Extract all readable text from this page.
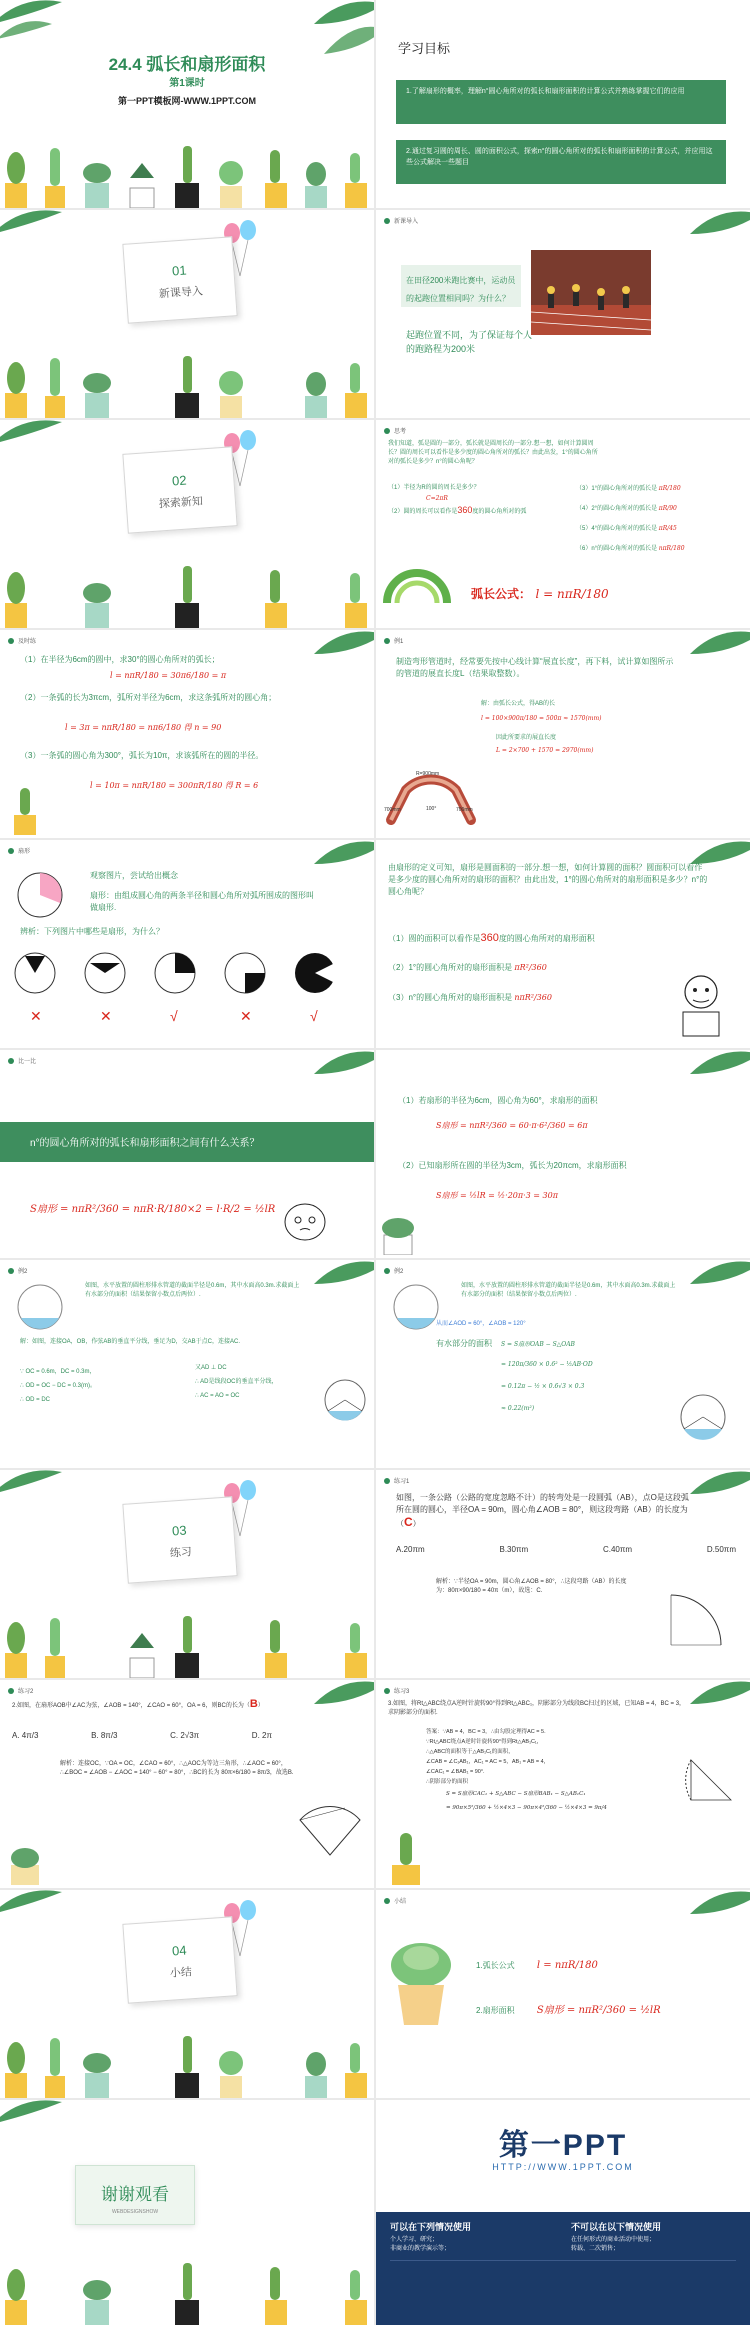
24.4 弧长和扇形面积
第1课时
第一PPT模板网-WWW.1PPT.COM
学习目标
1.了解扇形的概率，理解n°圆心角所对的弧长和扇形面积的计算公式并熟练掌握它们的应用
2.通过复习圆的周长、圆的面积公式，探索n°的圆心角所对的弧长和扇形面积的计算公式，并应用这些公式解决一些题目
01
新课导入
新课导入
在田径200米跑比赛中，运动员的起跑位置相同吗？为什么？
起跑位置不同，为了保证每个人的跑路程为200米
02
探索新知
思考
我们知道，弧是圆的一部分，弧长就是圆周长的一部分.想一想，如何计算圆周长？圆的周长可以看作是多少度的圆心角所对的弧长？由此出发，1°的圆心角所对的弧长是多少？n°的圆心角呢？
（1）半径为R的圆的周长是多少？
C=2πR
（2）圆的周长可以看作是360度的圆心角所对的弧
（3）1°的圆心角所对的弧长是 πR/180
（4）2°的圆心角所对的弧长是 πR/90
（5）4°的圆心角所对的弧长是 πR/45
（6）n°的圆心角所对的弧长是 nπR/180
弧长公式： l = nπR/180
及时练
（1）在半径为6cm的圆中，求30°的圆心角所对的弧长；
l = nπR/180 = 30π6/180 = π
（2）一条弧的长为3πcm，弧所对半径为6cm，求这条弧所对的圆心角；
l = 3π = nπR/180 = nπ6/180 得 n = 90
（3）一条弧的圆心角为300°，弧长为10π，求该弧所在的圆的半径。
l = 10π = nπR/180 = 300πR/180 得 R = 6
例1
制造弯形管道时，经常要先按中心线计算“展直长度”，再下料，试计算如图所示的管道的展直长度L（结果取整数）。
解：由弧长公式，得AB的长
l = 100×900π/180 = 500π ≈ 1570(mm)
因此所要求的展直长度
L = 2×700 + 1570 = 2970(mm)
R=900mm
100°
700mm	700mm
扇形
观察图片，尝试给出概念
扇形：由组成圆心角的两条半径和圆心角所对弧所围成的图形叫做扇形.
辨析：下列图片中哪些是扇形，为什么？
✕	✕	√	✕	√
由扇形的定义可知，扇形是圆面积的一部分.想一想，如何计算圆的面积？圆面积可以看作是多少度的圆心角所对的扇形的面积？由此出发，1°的圆心角所对的扇形面积是多少？n°的圆心角呢？
（1）圆的面积可以看作是360度的圆心角所对的扇形面积
（2）1°的圆心角所对的扇形面积是 πR²/360
（3）n°的圆心角所对的扇形面积是 nπR²/360
比一比
n°的圆心角所对的弧长和扇形面积之间有什么关系？
S扇形 = nπR²/360 = nπR·R/180×2 = l·R/2 = ½lR
（1）若扇形的半径为6cm，圆心角为60°，求扇形的面积
S扇形 = nπR²/360 = 60·π·6²/360 = 6π
（2）已知扇形所在圆的半径为3cm，弧长为20πcm，求扇形面积
S扇形 = ½lR = ½·20π·3 = 30π
例2
如图，水平放置的圆柱形排水管道的截面半径是0.6m，其中水面高0.3m.求截面上有水部分的面积（结果保留小数点后两位）.
解：如图，连接OA，OB，作弦AB的垂直平分线，垂足为D，交AB于点C，连接AC.
∵ OC = 0.6m，DC = 0.3m，
∴ OD = OC − DC = 0.3(m)。
∴ OD = DC
又AD ⊥ DC
∴ AD是线段OC的垂直平分线，
∴ AC = AO = OC
例2
如图，水平放置的圆柱形排水管道的截面半径是0.6m，其中水面高0.3m.求截面上有水部分的面积（结果保留小数点后两位）.
从而∠AOD = 60°，∠AOB = 120°
有水部分的面积 S = S扇形OAB − S△OAB
= 120π/360 × 0.6² − ½AB·OD
= 0.12π − ½ × 0.6√3 × 0.3
≈ 0.22(m²)
03
练习
练习1
如图，一条公路（公路的宽度忽略不计）的转弯处是一段圆弧（AB），点O是这段弧所在圆的圆心，半径OA = 90m，圆心角∠AOB = 80°，则这段弯路（AB）的长度为（C）
A.20πm	B.30πm	C.40πm	D.50πm
解析：∵半径OA = 90m，圆心角∠AOB = 80°，∴这段弯路（AB）的长度为：80π×90/180 = 40π（m），故选：C.
练习2
2.如图，在扇形AOB中∠AC为弦，∠AOB = 140°，∠CAO = 60°，OA = 6，则BC的长为（B）
A. 4π/3	B. 8π/3	C. 2√3π	D. 2π
解析：连接OC，∵OA = OC，∠CAO = 60°，∴△AOC为等边三角形，∴∠AOC = 60°，∴∠BOC = ∠AOB − ∠AOC = 140° − 60° = 80°，∴BC的长为 80π×6/180 = 8π/3，故选B.
练习3
3.如图，将Rt△ABC绕点A逆时针旋转90°得到Rt△ABC₁，阴影部分为线段BC扫过的区域，已知AB = 4，BC = 3，求阴影部分的面积.
答案：∵AB = 4，BC = 3，∴由勾股定理得AC = 5.
∵Rt△ABC绕点A逆时针旋转90°得到Rt△AB₁C₁，
∴△ABC的面积等于△AB₁C₁的面积，
∠CAB = ∠C₁AB₁，AC₁ = AC = 5，AB₁ = AB = 4，
∠CAC₁ = ∠BAB₁ = 90°.
∴阴影部分的面积
S = S扇形CAC₁ + S△ABC − S扇形BAB₁ − S△AB₁C₁
= 90π×5²/360 + ½×4×3 − 90π×4²/360 − ½×4×3 = 9π/4
04
小结
小结
1.弧长公式 l = nπR/180
2.扇形面积 S扇形 = nπR²/360 = ½lR
谢谢观看
WEBDESIGNSHOW
第一PPT
HTTP://WWW.1PPT.COM
可以在下列情况使用
个人学习、研究；
非商业的教学演示等；
不可以在以下情况使用
在任何形式的商业活动中使用；
转载、二次销售；
